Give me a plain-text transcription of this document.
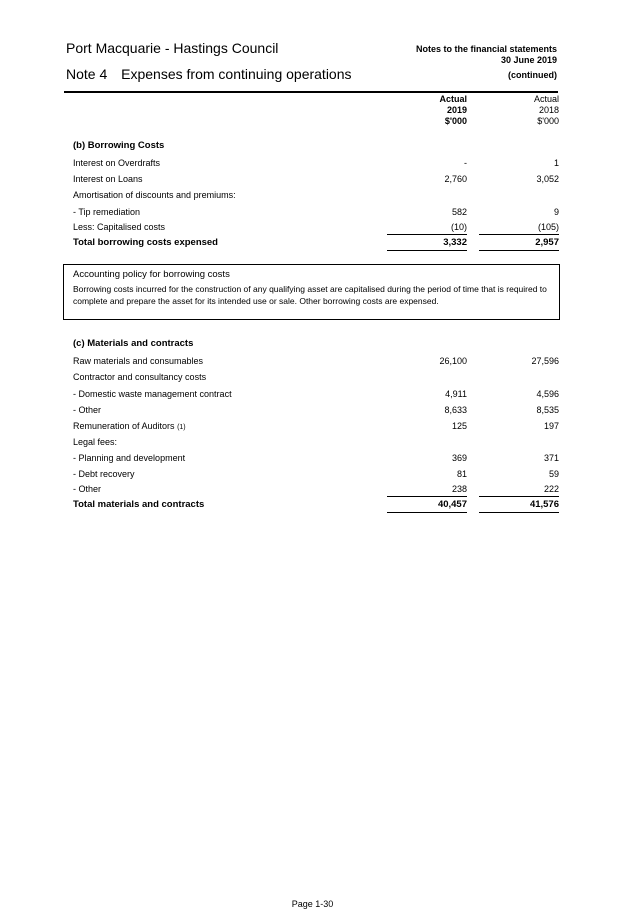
Port Macquarie - Hastings Council
Note 4 Expenses from continuing operations
Notes to the financial statements
30 June 2019
(continued)
Actual
2019
$'000
Actual
2018
$'000
(b) Borrowing Costs
Interest on Overdrafts	-	1
Interest on Loans	2,760	3,052
Amortisation of discounts and premiums:
- Tip remediation	582	9
Less: Capitalised costs	(10)	(105)
Total borrowing costs expensed	3,332	2,957
Accounting policy for borrowing costs
Borrowing costs incurred for the construction of any qualifying asset are capitalised during the period of time that is required to complete and prepare the asset for its intended use or sale. Other borrowing costs are expensed.
(c) Materials and contracts
Raw materials and consumables	26,100	27,596
Contractor and consultancy costs
- Domestic waste management contract	4,911	4,596
- Other	8,633	8,535
Remuneration of Auditors (1)	125	197
Legal fees:
- Planning and development	369	371
- Debt recovery	81	59
- Other	238	222
Total materials and contracts	40,457	41,576
Page 1-30
